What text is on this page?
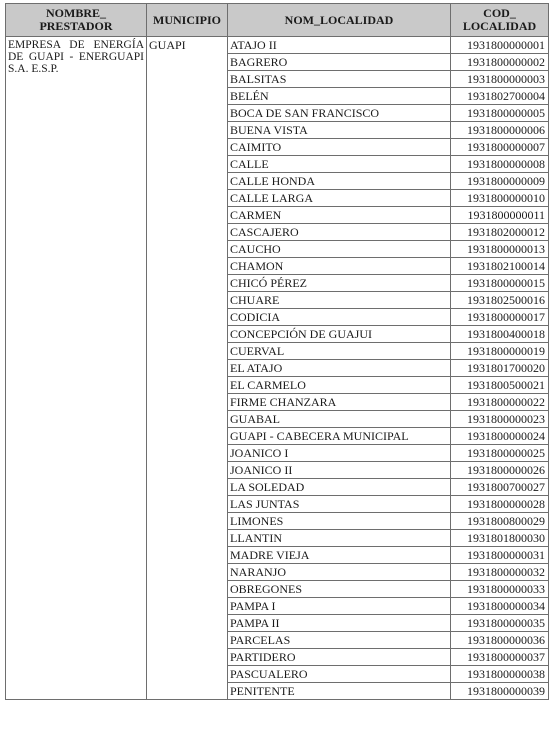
NOMBRE_ PRESTADOR	MUNICIPIO	NOM_LOCALIDAD	COD_ LOCALIDAD
EMPRESA DE ENERGÍA DE GUAPI - ENERGUAPI S.A. E.S.P.	GUAPI	ATAJO II	1931800000001
		BAGRERO	1931800000002
		BALSITAS	1931800000003
		BELÉN	1931802700004
		BOCA DE SAN FRANCISCO	1931800000005
		BUENA VISTA	1931800000006
		CAIMITO	1931800000007
		CALLE	1931800000008
		CALLE HONDA	1931800000009
		CALLE LARGA	1931800000010
		CARMEN	1931800000011
		CASCAJERO	1931802000012
		CAUCHO	1931800000013
		CHAMON	1931802100014
		CHICÓ PÉREZ	1931800000015
		CHUARE	1931802500016
		CODICIA	1931800000017
		CONCEPCIÓN DE GUAJUI	1931800400018
		CUERVAL	1931800000019
		EL ATAJO	1931801700020
		EL CARMELO	1931800500021
		FIRME CHANZARA	1931800000022
		GUABAL	1931800000023
		GUAPI - CABECERA MUNICIPAL	1931800000024
		JOANICO I	1931800000025
		JOANICO II	1931800000026
		LA SOLEDAD	1931800700027
		LAS JUNTAS	1931800000028
		LIMONES	1931800800029
		LLANTIN	1931801800030
		MADRE VIEJA	1931800000031
		NARANJO	1931800000032
		OBREGONES	1931800000033
		PAMPA I	1931800000034
		PAMPA II	1931800000035
		PARCELAS	1931800000036
		PARTIDERO	1931800000037
		PASCUALERO	1931800000038
		PENITENTE	1931800000039
